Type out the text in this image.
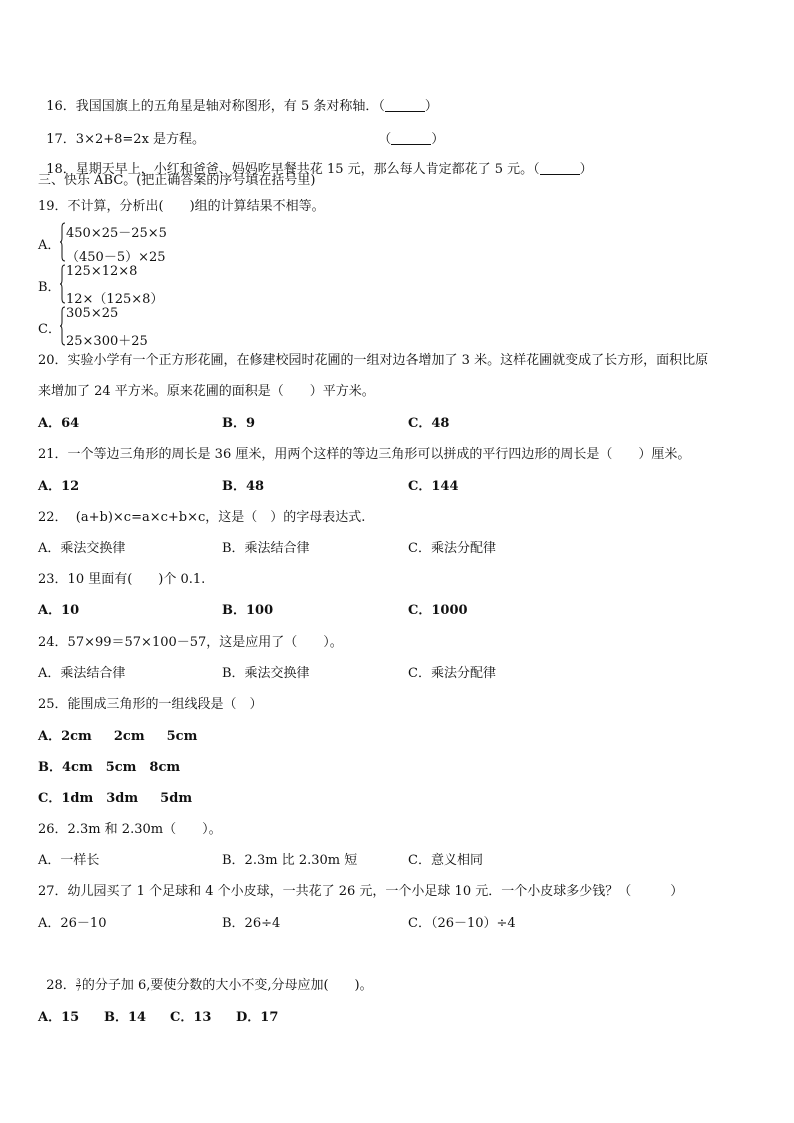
16．我国国旗上的五角星是轴对称图形，有 5 条对称轴．（	）

17．3×2+8=2x 是方程。	（	）

18．星期天早上，小红和爸爸、妈妈吃早餐共花 15 元，那么每人肯定都花了 5 元。（	）

三、快乐 ABC。(把正确答案的序号填在括号里)
19．不计算，分析出(　　)组的计算结果不相等。
A．
450×25－25×5
（450－5）×25
B．
125×12×8
12×（125×8）
C．
305×25
25×300＋25
20．实验小学有一个正方形花圃，在修建校园时花圃的一组对边各增加了 3 米。这样花圃就变成了长方形，面积比原
来增加了 24 平方米。原来花圃的面积是（　　）平方米。
A．64	B．9	C．48
21．一个等边三角形的周长是 36 厘米，用两个这样的等边三角形可以拼成的平行四边形的周长是（　　）厘米。
A．12	B．48	C．144
22．  (a+b)×c=a×c+b×c，这是（　）的字母表达式.
A．乘法交换律	B．乘法结合律	C．乘法分配律
23．10 里面有(　　)个 0.1.
A．10	B．100	C．1000
24．57×99＝57×100－57，这是应用了（　　）。
A．乘法结合律	B．乘法交换律	C．乘法分配律
25．能围成三角形的一组线段是（　）
A．2cm　  2cm　  5cm
B．4cm　5cm　8cm
C．1dm　3dm　  5dm
26．2.3m 和 2.30m（　　）。
A．一样长	B．2.3m 比 2.30m 短	C．意义相同
27．幼儿园买了 1 个足球和 4 个小皮球，一共花了 26 元，一个小足球 10 元．一个小皮球多少钱？（　　　）
A．26－10	B．26÷4	C．（26－10）÷4

28． $\frac{3}{7}$ 的分子加 6,要使分数的大小不变,分母应加(　　)。

A．15 B．14 C．13 D．17
